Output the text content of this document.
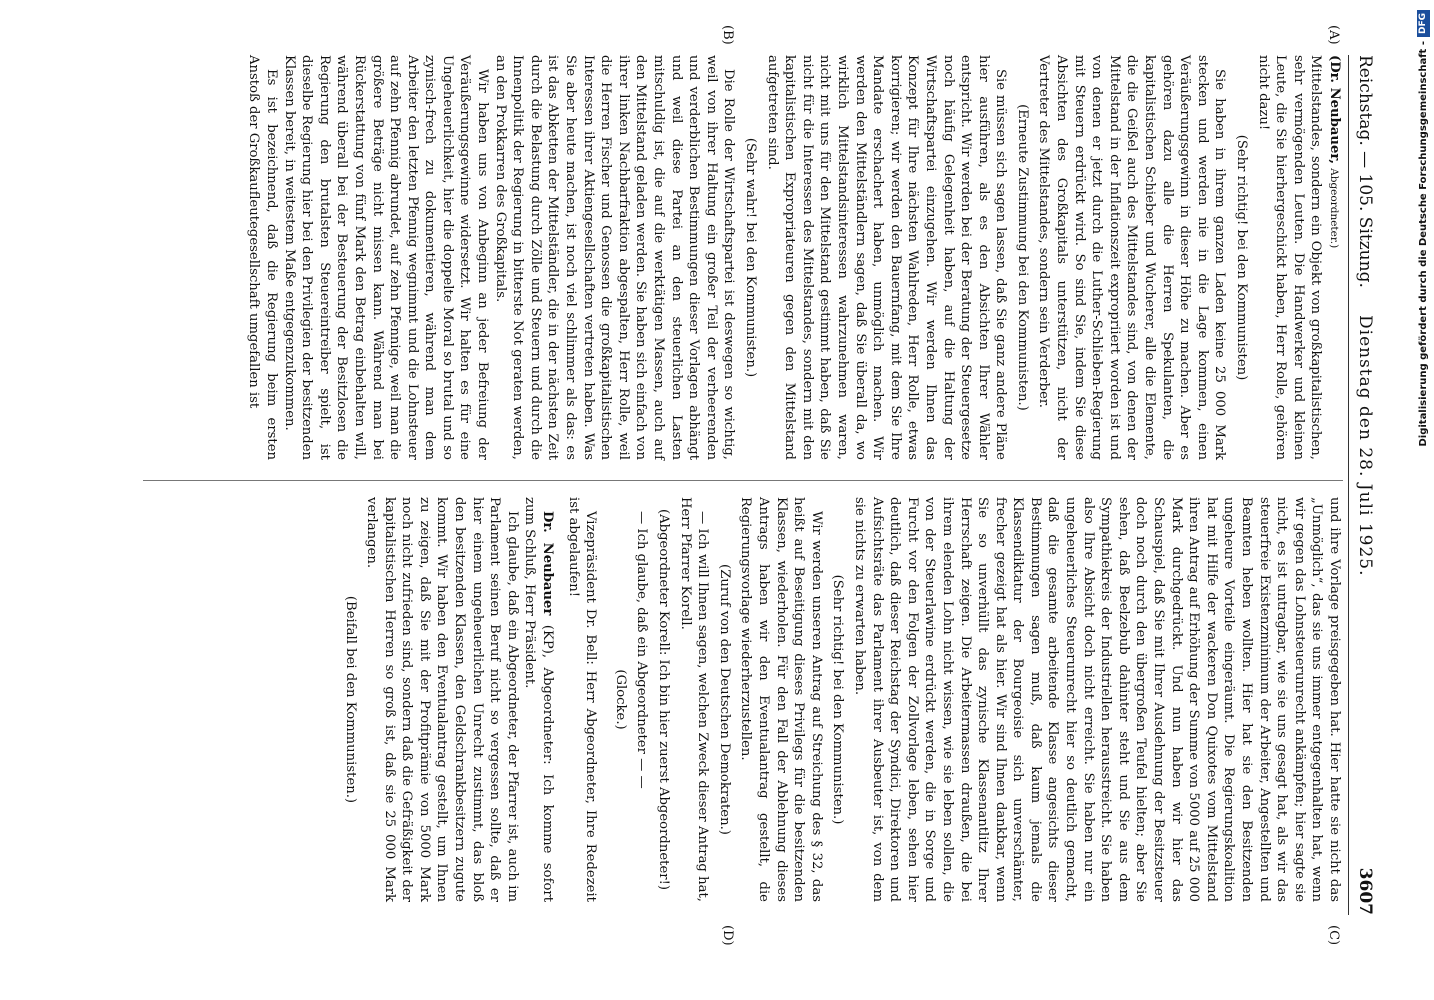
Reichstag. — 105. Sitzung.
Dienstag den 28. Juli 1925.
3607
(A)
(B)
(C)
(D)

(Dr. Neubauer, Abgeordneter.)

Mittelstandes, sondern ein Objekt von großkapitalistischen, sehr vermögenden Leuten. Die Handwerker und kleinen Leute, die Sie hierhergeschickt haben, Herr Rolle, gehören nicht dazu!

(Sehr richtig! bei den Kommunisten)

Sie haben in ihrem ganzen Laden keine 25 000 Mark stecken und werden nie in die Lage kommen, einen Veräußerungsgewinn in dieser Höhe zu machen. Aber es gehören dazu alle die Herren Spekulanten, die kapitalistischen Schieber und Wucherer, alle die Elemente, die die Geißel auch des Mittelstandes sind, von denen der Mittelstand in der Inflationszeit expropriiert worden ist und von denen er jetzt durch die Luther-Schlieben-Regierung mit Steuern erdrückt wird. So sind Sie, indem Sie diese Absichten des Großkapitals unterstützen, nicht der Vertreter des Mittelstandes, sondern sein Verderber.

(Erneute Zustimmung bei den Kommunisten.)

Sie müssen sich sagen lassen, daß Sie ganz andere Pläne hier ausführen, als es den Absichten Ihrer Wähler entspricht. Wir werden bei der Beratung der Steuergesetze noch häufig Gelegenheit haben, auf die Haltung der Wirtschaftspartei einzugehen. Wir werden Ihnen das Konzept für Ihre nächsten Wahlreden, Herr Rolle, etwas korrigieren; wir werden den Bauernfang, mit dem Sie Ihre Mandate erschachert haben, unmöglich machen. Wir werden den Mittelständlern sagen, daß Sie überall da, wo wirklich Mittelstandsinteressen wahrzunehmen waren, nicht mit uns für den Mittelstand gestimmt haben, daß Sie nicht für die Interessen des Mittelstandes, sondern mit den kapitalistischen Expropriateuren gegen den Mittelstand aufgetreten sind.

(Sehr wahr! bei den Kommunisten.)

Die Rolle der Wirtschaftspartei ist deswegen so wichtig, weil von ihrer Haltung ein großer Teil der verheerenden und verderblichen Bestimmungen dieser Vorlagen abhängt und weil diese Partei an den steuerlichen Lasten mitschuldig ist, die auf die werktätigen Massen, auch auf den Mittelstand geladen werden. Sie haben sich einfach von ihrer linken Nachbarfraktion abgespalten, Herr Rolle, weil die Herren Fischer und Genossen die großkapitalistischen Interessen ihrer Aktiengesellschaften vertreten haben. Was Sie aber heute machen, ist noch viel schlimmer als das: es ist das Abketten der Mittelständler, die in der nächsten Zeit durch die Belastung durch Zölle und Steuern und durch die Innenpolitik der Regierung in bitterste Not geraten werden, an den Prokkarren des Großkapitals.

Wir haben uns von Anbeginn an jeder Befreiung der Veräußerungsgewinne widersetzt. Wir halten es für eine Ungeheuerlichkeit, hier die doppelte Moral so brutal und so zynisch-frech zu dokumentieren, während man dem Arbeiter den letzten Pfennig wegnimmt und die Lohnsteuer auf zehn Pfennig abrundet, auf zehn Pfennige, weil man die größere Beträge nicht missen kann. Während man bei Rückerstattung von fünf Mark den Betrag einbehalten will, während überall bei der Besteuerung der Besitzlosen die Regierung den brutalsten Steuereintreiber spielt, ist dieselbe Regierung hier bei den Privilegien der besitzenden Klassen bereit, in weitestem Maße entgegenzukommen.

Es ist bezeichnend, daß die Regierung beim ersten Anstoß der Großkaufleutegesellschaft umgefallen ist

und ihre Vorlage preisgegeben hat. Hier hatte sie nicht das „Unmöglich“, das sie uns immer entgegenhalten hat, wenn wir gegen das Lohnsteuerunrecht ankämpfen; hier sagte sie nicht, es ist untragbar, wie sie uns gesagt hat, als wir das steuerfreie Existenzminimum der Arbeiter, Angestellten und Beamten heben wollten. Hier hat sie den Besitzenden ungeheure Vorteile eingeräumt. Die Regierungskoalition hat mit Hilfe der wackeren Don Quixotes vom Mittelstand ihren Antrag auf Erhöhung der Summe von 5000 auf 25 000 Mark durchgedrückt. Und nun haben wir hier das Schauspiel, daß Sie mit Ihrer Ausdehnung der Besitzsteuer doch noch durch den übergroßen Teufel hielten; aber Sie sehen, daß Beelzebub dahinter steht und Sie aus dem Sympathiekreis der Industriellen herausstreicht. Sie haben also Ihre Absicht doch nicht erreicht. Sie haben nur ein ungeheuerliches Steuerunrecht hier so deutlich gemacht, daß die gesamte arbeitende Klasse angesichts dieser Bestimmungen sagen muß, daß kaum jemals die Klassendiktatur der Bourgeoisie sich unverschämter, frecher gezeigt hat als hier. Wir sind Ihnen dankbar, wenn Sie so unverhüllt das zynische Klassenantlitz Ihrer Herrschaft zeigen. Die Arbeitermassen draußen, die bei ihrem elenden Lohn nicht wissen, wie sie leben sollen, die von der Steuerlawine erdrückt werden, die in Sorge und Furcht vor den Folgen der Zollvorlage leben, sehen hier deutlich, daß dieser Reichstag der Syndici, Direktoren und Aufsichtsräte das Parlament ihrer Ausbeuter ist, von dem sie nichts zu erwarten haben.

(Sehr richtig! bei den Kommunisten.)

Wir werden unseren Antrag auf Streichung des § 32, das heißt auf Beseitigung dieses Privilegs für die besitzenden Klassen, wiederholen. Für den Fall der Ablehnung dieses Antrags haben wir den Eventualantrag gestellt, die Regierungsvorlage wiederherzustellen.

(Zuruf von den Deutschen Demokraten.)

— Ich will Ihnen sagen, welchen Zweck dieser Antrag hat, Herr Pfarrer Korell.

(Abgeordneter Korell: Ich bin hier zuerst Abgeordneter!)

— Ich glaube, daß ein Abgeordneter — —

(Glocke.)

Vizepräsident Dr. Bell: Herr Abgeordneter, Ihre Redezeit ist abgelaufen!

Dr. Neubauer (KP), Abgeordneter: Ich komme sofort zum Schluß, Herr Präsident.

Ich glaube, daß ein Abgeordneter, der Pfarrer ist, auch im Parlament seinen Beruf nicht so vergessen sollte, daß er hier einem ungeheuerlichen Unrecht zustimmt, das bloß den besitzenden Klassen, den Geldschrankbesitzern zugute kommt. Wir haben den Eventualantrag gestellt, um Ihnen zu zeigen, daß Sie mit der Profitprämie von 5000 Mark noch nicht zufrieden sind, sondern daß die Gefräßigkeit der kapitalistischen Herren so groß ist, daß sie 25 000 Mark verlangen.

(Beifall bei den Kommunisten.)

Digitalisierung gefördert durch die Deutsche Forschungsgemeinschaft -DFG
